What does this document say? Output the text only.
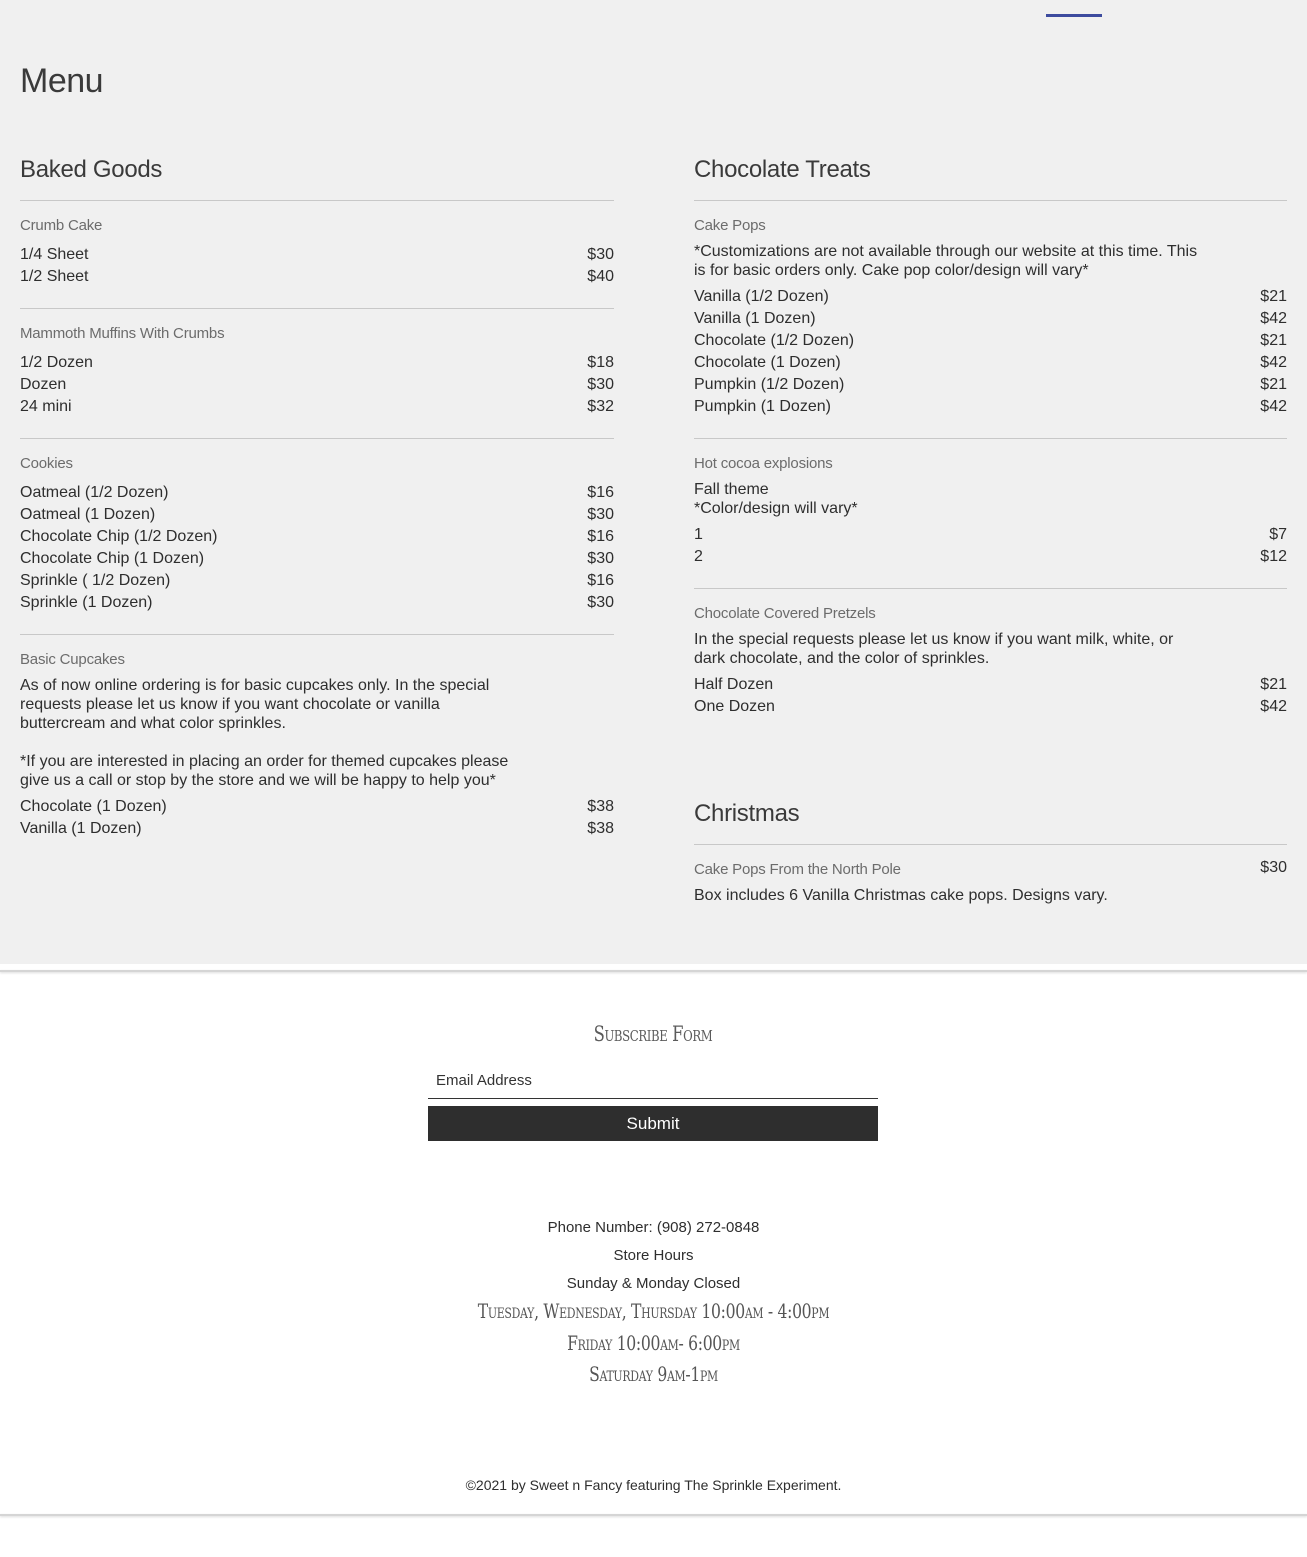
Menu
Baked Goods
Crumb Cake
1/4 Sheet	$30
1/2 Sheet	$40
Mammoth Muffins With Crumbs
1/2 Dozen	$18
Dozen	$30
24 mini	$32
Cookies
Oatmeal (1/2 Dozen)	$16
Oatmeal (1 Dozen)	$30
Chocolate Chip (1/2 Dozen)	$16
Chocolate Chip (1 Dozen)	$30
Sprinkle ( 1/2 Dozen)	$16
Sprinkle (1 Dozen)	$30
Basic Cupcakes
As of now online ordering is for basic cupcakes only. In the special
requests please let us know if you want chocolate or vanilla
buttercream and what color sprinkles.
*If you are interested in placing an order for themed cupcakes please
give us a call or stop by the store and we will be happy to help you*
Chocolate (1 Dozen)	$38
Vanilla (1 Dozen)	$38
Chocolate Treats
Cake Pops
*Customizations are not available through our website at this time. This
is for basic orders only. Cake pop color/design will vary*
Vanilla (1/2 Dozen)	$21
Vanilla (1 Dozen)	$42
Chocolate (1/2 Dozen)	$21
Chocolate (1 Dozen)	$42
Pumpkin (1/2 Dozen)	$21
Pumpkin (1 Dozen)	$42
Hot cocoa explosions
Fall theme
*Color/design will vary*
1	$7
2	$12
Chocolate Covered Pretzels
In the special requests please let us know if you want milk, white, or
dark chocolate, and the color of sprinkles.
Half Dozen	$21
One Dozen	$42
Christmas
Cake Pops From the North Pole	$30
Box includes 6 Vanilla Christmas cake pops. Designs vary.
Subscribe Form
Email Address
Submit
Phone Number: (908) 272-0848
Store Hours
Sunday & Monday Closed
Tuesday, Wednesday, Thursday 10:00am - 4:00pm
Friday 10:00am- 6:00pm
Saturday 9am-1pm
©2021 by Sweet n Fancy featuring The Sprinkle Experiment.
